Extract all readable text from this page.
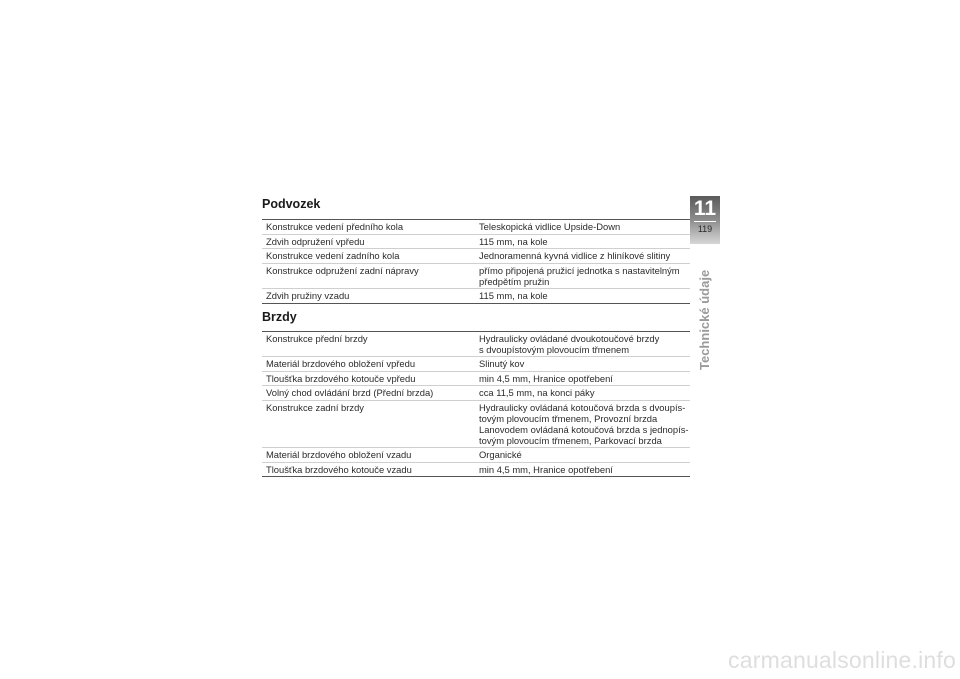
Podvozek
Konstrukce vedení předního kola	Teleskopická vidlice Upside-Down
Zdvih odpružení vpředu	115 mm, na kole
Konstrukce vedení zadního kola	Jednoramenná kyvná vidlice z hliníkové slitiny
Konstrukce odpružení zadní nápravy	přímo připojená pružicí jednotka s nastavitelným
předpětím pružin
Zdvih pružiny vzadu	115 mm, na kole
Brzdy
Konstrukce přední brzdy	Hydraulicky ovládané dvoukotoučové brzdy
s dvoupístovým plovoucím třmenem
Materiál brzdového obložení vpředu	Slinutý kov
Tloušťka brzdového kotouče vpředu	min 4,5 mm, Hranice opotřebení
Volný chod ovládání brzd (Přední brzda)	cca 11,5 mm, na konci páky
Konstrukce zadní brzdy	Hydraulicky ovládaná kotoučová brzda s dvoupís-
tovým plovoucím třmenem, Provozní brzda
Lanovodem ovládaná kotoučová brzda s jednopís-
tovým plovoucím třmenem, Parkovací brzda
Materiál brzdového obložení vzadu	Organické
Tloušťka brzdového kotouče vzadu	min 4,5 mm, Hranice opotřebení
11
119
Technické údaje
carmanualsonline.info
